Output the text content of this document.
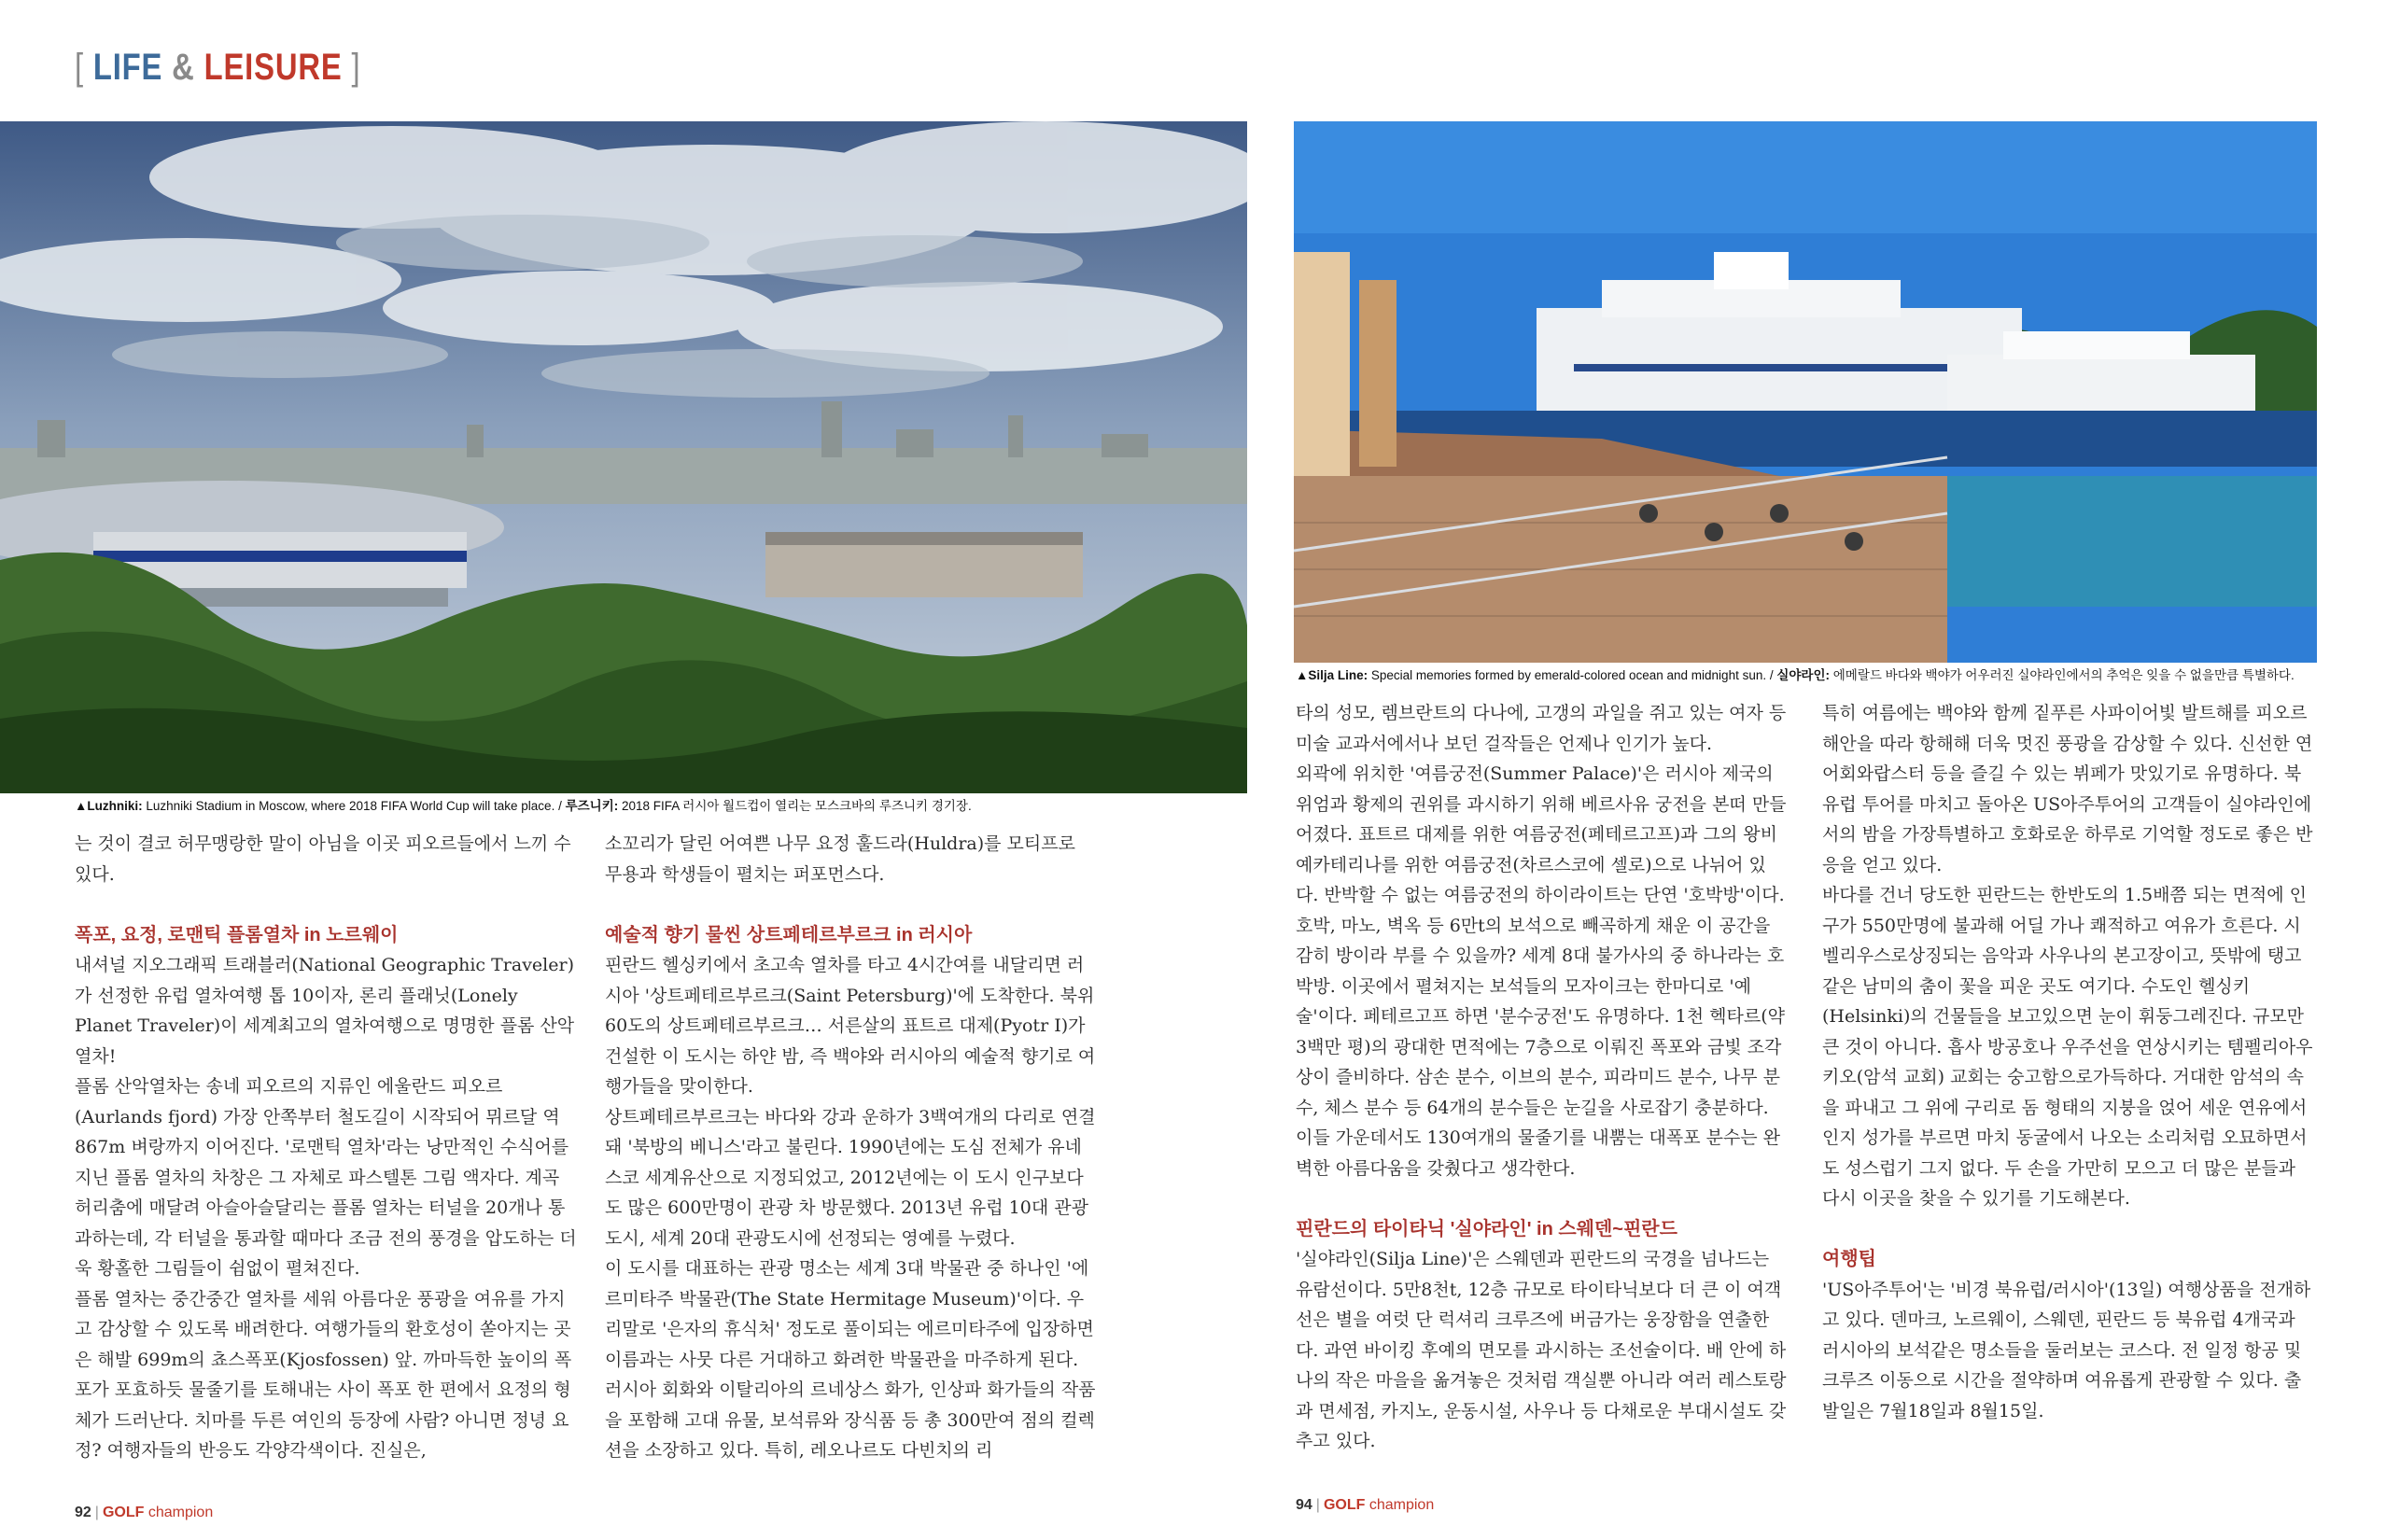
[ LIFE & LEISURE ]
▲Luzhniki: Luzhniki Stadium in Moscow, where 2018 FIFA World Cup will take place. / 루즈니키: 2018 FIFA 러시아 월드컵이 열리는 모스크바의 루즈니키 경기장.
▲Silja Line: Special memories formed by emerald-colored ocean and midnight sun. / 실야라인: 에메랄드 바다와 백야가 어우러진 실야라인에서의 추억은 잊을 수 없을만큼 특별하다.

는 것이 결코 허무맹랑한 말이 아님을 이곳 피오르들에서 느끼 수 있다.

폭포, 요정, 로맨틱 플롬열차 in 노르웨이

내셔널 지오그래픽 트래블러(National Geographic Traveler)가 선정한 유럽 열차여행 톱 10이자, 론리 플래닛(Lonely Planet Traveler)이 세계최고의 열차여행으로 명명한 플롬 산악열차!

플롬 산악열차는 송네 피오르의 지류인 에울란드 피오르(Aurlands fjord) 가장 안쪽부터 철도길이 시작되어 뮈르달 역 867m 벼랑까지 이어진다. '로맨틱 열차'라는 낭만적인 수식어를 지닌 플롬 열차의 차창은 그 자체로 파스텔톤 그림 액자다. 계곡 허리춤에 매달려 아슬아슬달리는 플롬 열차는 터널을 20개나 통과하는데, 각 터널을 통과할 때마다 조금 전의 풍경을 압도하는 더욱 황홀한 그림들이 쉼없이 펼쳐진다.

플롬 열차는 중간중간 열차를 세워 아름다운 풍광을 여유를 가지고 감상할 수 있도록 배려한다. 여행가들의 환호성이 쏟아지는 곳은 해발 699m의 쵸스폭포(Kjosfossen) 앞. 까마득한 높이의 폭포가 포효하듯 물줄기를 토해내는 사이 폭포 한 편에서 요정의 형체가 드러난다. 치마를 두른 여인의 등장에 사람? 아니면 정녕 요정? 여행자들의 반응도 각양각색이다. 진실은,

소꼬리가 달린 어여쁜 나무 요정 훌드라(Huldra)를 모티프로 무용과 학생들이 펼치는 퍼포먼스다.

예술적 향기 물씬 상트페테르부르크 in 러시아

핀란드 헬싱키에서 초고속 열차를 타고 4시간여를 내달리면 러시아 '상트페테르부르크(Saint Petersburg)'에 도착한다. 북위 60도의 상트페테르부르크… 서른살의 표트르 대제(Pyotr Ⅰ)가 건설한 이 도시는 하얀 밤, 즉 백야와 러시아의 예술적 향기로 여행가들을 맞이한다.

상트페테르부르크는 바다와 강과 운하가 3백여개의 다리로 연결돼 '북방의 베니스'라고 불린다. 1990년에는 도심 전체가 유네스코 세계유산으로 지정되었고, 2012년에는 이 도시 인구보다도 많은 600만명이 관광 차 방문했다. 2013년 유럽 10대 관광도시, 세계 20대 관광도시에 선정되는 영예를 누렸다.

이 도시를 대표하는 관광 명소는 세계 3대 박물관 중 하나인 '에르미타주 박물관(The State Hermitage Museum)'이다. 우리말로 '은자의 휴식처' 정도로 풀이되는 에르미타주에 입장하면 이름과는 사뭇 다른 거대하고 화려한 박물관을 마주하게 된다. 러시아 회화와 이탈리아의 르네상스 화가, 인상파 화가들의 작품을 포함해 고대 유물, 보석류와 장식품 등 총 300만여 점의 컬렉션을 소장하고 있다. 특히, 레오나르도 다빈치의 리

타의 성모, 렘브란트의 다나에, 고갱의 과일을 쥐고 있는 여자 등 미술 교과서에서나 보던 걸작들은 언제나 인기가 높다.

외곽에 위치한 '여름궁전(Summer Palace)'은 러시아 제국의 위엄과 황제의 권위를 과시하기 위해 베르사유 궁전을 본떠 만들어졌다. 표트르 대제를 위한 여름궁전(페테르고프)과 그의 왕비 예카테리나를 위한 여름궁전(차르스코에 셀로)으로 나뉘어 있다. 반박할 수 없는 여름궁전의 하이라이트는 단연 '호박방'이다. 호박, 마노, 벽옥 등 6만t의 보석으로 빼곡하게 채운 이 공간을 감히 방이라 부를 수 있을까? 세계 8대 불가사의 중 하나라는 호박방. 이곳에서 펼쳐지는 보석들의 모자이크는 한마디로 '예술'이다. 페테르고프 하면 '분수궁전'도 유명하다. 1천 헥타르(약 3백만 평)의 광대한 면적에는 7층으로 이뤄진 폭포와 금빛 조각상이 즐비하다. 삼손 분수, 이브의 분수, 피라미드 분수, 나무 분수, 체스 분수 등 64개의 분수들은 눈길을 사로잡기 충분하다. 이들 가운데서도 130여개의 물줄기를 내뿜는 대폭포 분수는 완벽한 아름다움을 갖췄다고 생각한다.

핀란드의 타이타닉 '실야라인' in 스웨덴~핀란드

'실야라인(Silja Line)'은 스웨덴과 핀란드의 국경을 넘나드는 유람선이다. 5만8천t, 12층 규모로 타이타닉보다 더 큰 이 여객선은 별을 여럿 단 럭셔리 크루즈에 버금가는 웅장함을 연출한다. 과연 바이킹 후예의 면모를 과시하는 조선술이다. 배 안에 하나의 작은 마을을 옮겨놓은 것처럼 객실뿐 아니라 여러 레스토랑과 면세점, 카지노, 운동시설, 사우나 등 다채로운 부대시설도 갖추고 있다.

특히 여름에는 백야와 함께 짙푸른 사파이어빛 발트해를 피오르 해안을 따라 항해해 더욱 멋진 풍광을 감상할 수 있다. 신선한 연어회와랍스터 등을 즐길 수 있는 뷔페가 맛있기로 유명하다. 북유럽 투어를 마치고 돌아온 US아주투어의 고객들이 실야라인에서의 밤을 가장특별하고 호화로운 하루로 기억할 정도로 좋은 반응을 얻고 있다.

바다를 건너 당도한 핀란드는 한반도의 1.5배쯤 되는 면적에 인구가 550만명에 불과해 어딜 가나 쾌적하고 여유가 흐른다. 시벨리우스로상징되는 음악과 사우나의 본고장이고, 뜻밖에 탱고 같은 남미의 춤이 꽃을 피운 곳도 여기다. 수도인 헬싱키(Helsinki)의 건물들을 보고있으면 눈이 휘둥그레진다. 규모만 큰 것이 아니다. 흡사 방공호나 우주선을 연상시키는 템펠리아우키오(암석 교회) 교회는 숭고함으로가득하다. 거대한 암석의 속을 파내고 그 위에 구리로 돔 형태의 지붕을 얹어 세운 연유에서인지 성가를 부르면 마치 동굴에서 나오는 소리처럼 오묘하면서도 성스럽기 그지 없다. 두 손을 가만히 모으고 더 많은 분들과 다시 이곳을 찾을 수 있기를 기도해본다.

여행팁

'US아주투어'는 '비경 북유럽/러시아'(13일) 여행상품을 전개하고 있다. 덴마크, 노르웨이, 스웨덴, 핀란드 등 북유럽 4개국과 러시아의 보석같은 명소들을 둘러보는 코스다. 전 일정 항공 및 크루즈 이동으로 시간을 절약하며 여유롭게 관광할 수 있다. 출발일은 7월18일과 8월15일.

92 | GOLF champion	94 | GOLF champion
